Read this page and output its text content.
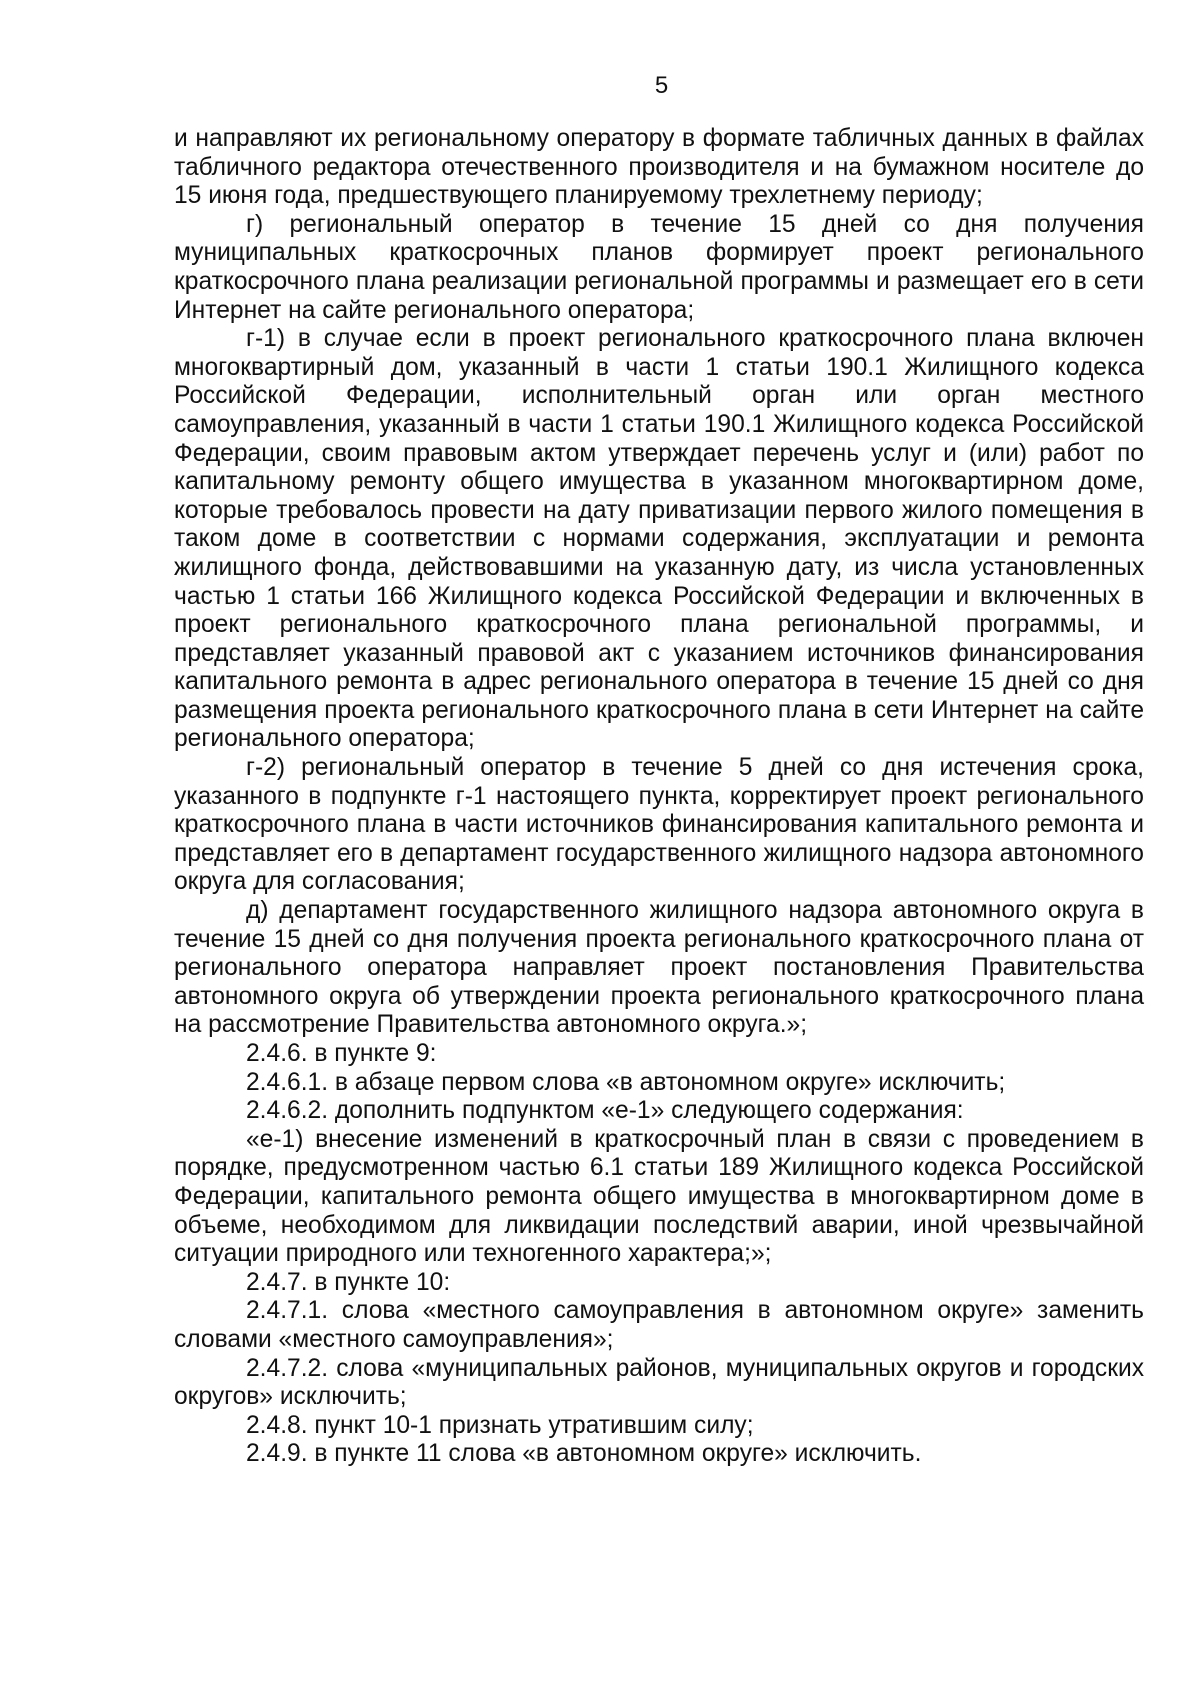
5

и направляют их региональному оператору в формате табличных данных в файлах табличного редактора отечественного производителя и на бумажном носителе до 15 июня года, предшествующего планируемому трехлетнему периоду;

г) региональный оператор в течение 15 дней со дня получения муниципальных краткосрочных планов формирует проект регионального краткосрочного плана реализации региональной программы и размещает его в сети Интернет на сайте регионального оператора;

г-1) в случае если в проект регионального краткосрочного плана включен многоквартирный дом, указанный в части 1 статьи 190.1 Жилищного кодекса Российской Федерации, исполнительный орган или орган местного самоуправления, указанный в части 1 статьи 190.1 Жилищного кодекса Российской Федерации, своим правовым актом утверждает перечень услуг и (или) работ по капитальному ремонту общего имущества в указанном многоквартирном доме, которые требовалось провести на дату приватизации первого жилого помещения в таком доме в соответствии с нормами содержания, эксплуатации и ремонта жилищного фонда, действовавшими на указанную дату, из числа установленных частью 1 статьи 166 Жилищного кодекса Российской Федерации и включенных в проект регионального краткосрочного плана региональной программы, и представляет указанный правовой акт с указанием источников финансирования капитального ремонта в адрес регионального оператора в течение 15 дней со дня размещения проекта регионального краткосрочного плана в сети Интернет на сайте регионального оператора;

г-2) региональный оператор в течение 5 дней со дня истечения срока, указанного в подпункте г-1 настоящего пункта, корректирует проект регионального краткосрочного плана в части источников финансирования капитального ремонта и представляет его в департамент государственного жилищного надзора автономного округа для согласования;

д) департамент государственного жилищного надзора автономного округа в течение 15 дней со дня получения проекта регионального краткосрочного плана от регионального оператора направляет проект постановления Правительства автономного округа об утверждении проекта регионального краткосрочного плана на рассмотрение Правительства автономного округа.»;

2.4.6. в пункте 9:

2.4.6.1. в абзаце первом слова «в автономном округе» исключить;

2.4.6.2. дополнить подпунктом «е-1» следующего содержания:

«е-1) внесение изменений в краткосрочный план в связи с проведением в порядке, предусмотренном частью 6.1 статьи 189 Жилищного кодекса Российской Федерации, капитального ремонта общего имущества в многоквартирном доме в объеме, необходимом для ликвидации последствий аварии, иной чрезвычайной ситуации природного или техногенного характера;»;

2.4.7. в пункте 10:

2.4.7.1. слова «местного самоуправления в автономном округе» заменить словами «местного самоуправления»;

2.4.7.2. слова «муниципальных районов, муниципальных округов и городских округов» исключить;

2.4.8. пункт 10-1 признать утратившим силу;

2.4.9. в пункте 11 слова «в автономном округе» исключить.
